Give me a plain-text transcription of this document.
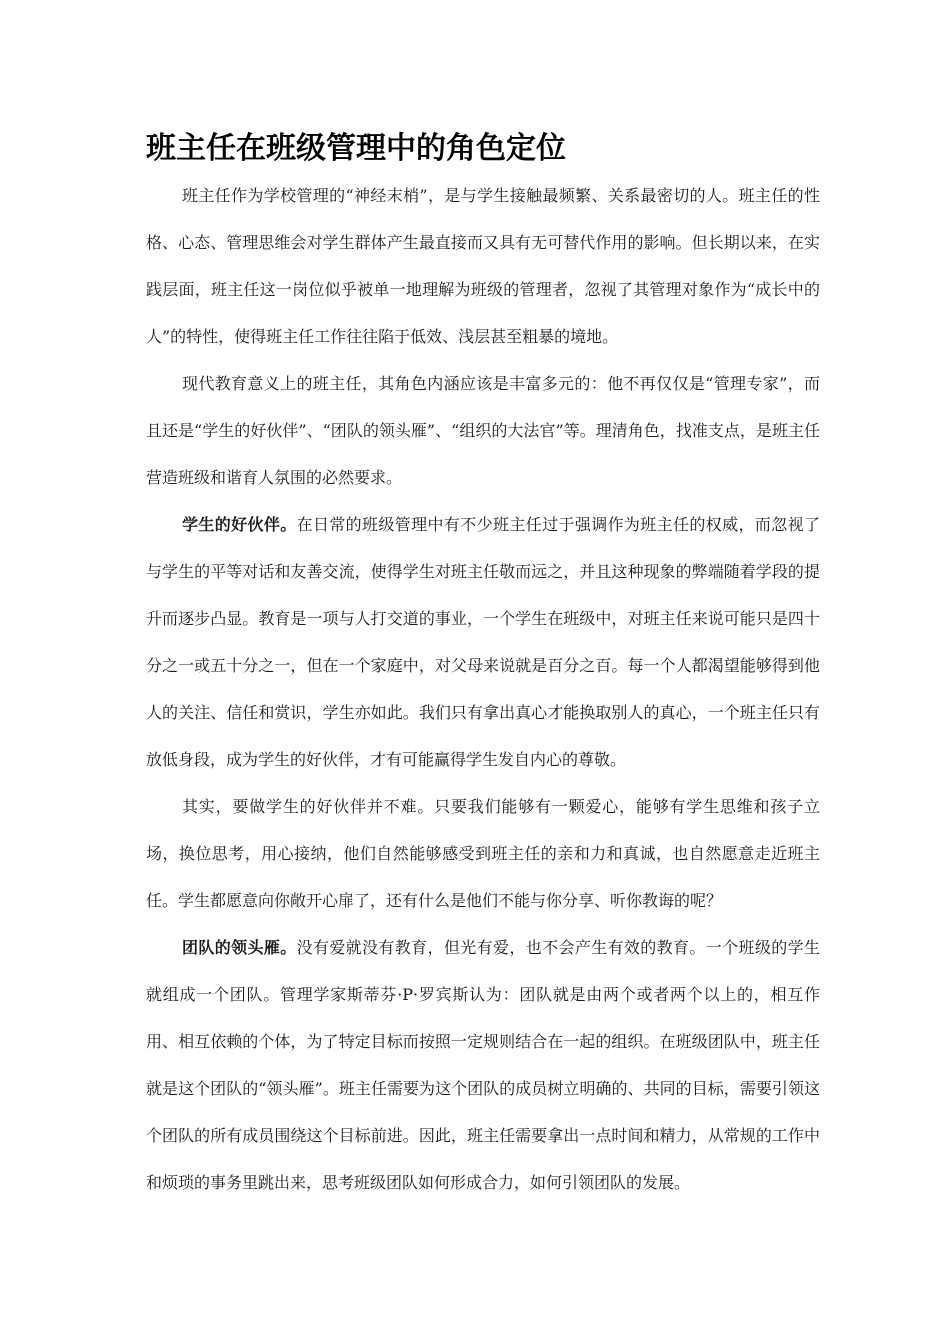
班主任在班级管理中的角色定位

班主任作为学校管理的“神经末梢”，是与学生接触最频繁、关系最密切的人。班主任的性格、心态、管理思维会对学生群体产生最直接而又具有无可替代作用的影响。但长期以来，在实践层面，班主任这一岗位似乎被单一地理解为班级的管理者，忽视了其管理对象作为“成长中的人”的特性，使得班主任工作往往陷于低效、浅层甚至粗暴的境地。

现代教育意义上的班主任，其角色内涵应该是丰富多元的：他不再仅仅是“管理专家”，而且还是“学生的好伙伴”、“团队的领头雁”、“组织的大法官”等。理清角色，找准支点，是班主任营造班级和谐育人氛围的必然要求。

学生的好伙伴。在日常的班级管理中有不少班主任过于强调作为班主任的权威，而忽视了与学生的平等对话和友善交流，使得学生对班主任敬而远之，并且这种现象的弊端随着学段的提升而逐步凸显。教育是一项与人打交道的事业，一个学生在班级中，对班主任来说可能只是四十分之一或五十分之一，但在一个家庭中，对父母来说就是百分之百。每一个人都渴望能够得到他人的关注、信任和赏识，学生亦如此。我们只有拿出真心才能换取别人的真心，一个班主任只有放低身段，成为学生的好伙伴，才有可能赢得学生发自内心的尊敬。

其实，要做学生的好伙伴并不难。只要我们能够有一颗爱心，能够有学生思维和孩子立场，换位思考，用心接纳，他们自然能够感受到班主任的亲和力和真诚，也自然愿意走近班主任。学生都愿意向你敞开心扉了，还有什么是他们不能与你分享、听你教诲的呢？

团队的领头雁。没有爱就没有教育，但光有爱，也不会产生有效的教育。一个班级的学生就组成一个团队。管理学家斯蒂芬·P·罗宾斯认为：团队就是由两个或者两个以上的，相互作用、相互依赖的个体，为了特定目标而按照一定规则结合在一起的组织。在班级团队中，班主任就是这个团队的“领头雁”。班主任需要为这个团队的成员树立明确的、共同的目标，需要引领这个团队的所有成员围绕这个目标前进。因此，班主任需要拿出一点时间和精力，从常规的工作中和烦琐的事务里跳出来，思考班级团队如何形成合力，如何引领团队的发展。
